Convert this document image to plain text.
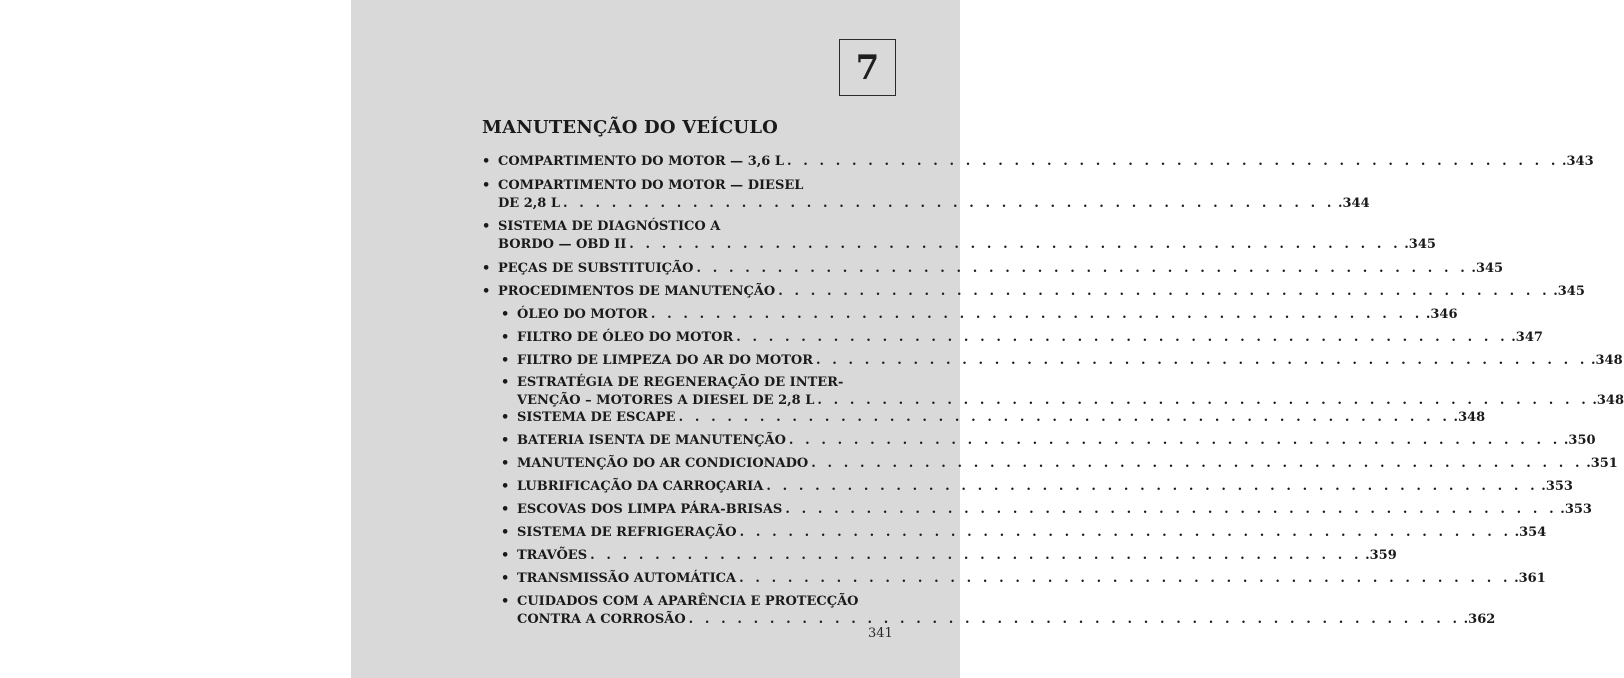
7
MANUTENÇÃO DO VEÍCULO
• COMPARTIMENTO DO MOTOR — 3,6 L . . . . . . . . . . . . . . . . . . . . . . . . . . . . . . . . . . . . . . . . . . . . . . . . .343
• COMPARTIMENTO DO MOTOR — DIESEL
DE 2,8 L . . . . . . . . . . . . . . . . . . . . . . . . . . . . . . . . . . . . . . . . . . . . . . . . .344
• SISTEMA DE DIAGNÓSTICO A
BORDO — OBD II . . . . . . . . . . . . . . . . . . . . . . . . . . . . . . . . . . . . . . . . . . . . . . . . .345
• PEÇAS DE SUBSTITUIÇÃO . . . . . . . . . . . . . . . . . . . . . . . . . . . . . . . . . . . . . . . . . . . . . . . . .345
• PROCEDIMENTOS DE MANUTENÇÃO . . . . . . . . . . . . . . . . . . . . . . . . . . . . . . . . . . . . . . . . . . . . . . . . .345
• ÓLEO DO MOTOR . . . . . . . . . . . . . . . . . . . . . . . . . . . . . . . . . . . . . . . . . . . . . . . . .346
• FILTRO DE ÓLEO DO MOTOR . . . . . . . . . . . . . . . . . . . . . . . . . . . . . . . . . . . . . . . . . . . . . . . . .347
• FILTRO DE LIMPEZA DO AR DO MOTOR . . . . . . . . . . . . . . . . . . . . . . . . . . . . . . . . . . . . . . . . . . . . . . . . .348
• ESTRATÉGIA DE REGENERAÇÃO DE INTER-
VENÇÃO – MOTORES A DIESEL DE 2,8 L . . . . . . . . . . . . . . . . . . . . . . . . . . . . . . . . . . . . . . . . . . . . . . . . .348
• SISTEMA DE ESCAPE . . . . . . . . . . . . . . . . . . . . . . . . . . . . . . . . . . . . . . . . . . . . . . . . .348
• BATERIA ISENTA DE MANUTENÇÃO . . . . . . . . . . . . . . . . . . . . . . . . . . . . . . . . . . . . . . . . . . . . . . . . .350
• MANUTENÇÃO DO AR CONDICIONADO . . . . . . . . . . . . . . . . . . . . . . . . . . . . . . . . . . . . . . . . . . . . . . . . .351
• LUBRIFICAÇÃO DA CARROÇARIA . . . . . . . . . . . . . . . . . . . . . . . . . . . . . . . . . . . . . . . . . . . . . . . . .353
• ESCOVAS DOS LIMPA PÁRA-BRISAS . . . . . . . . . . . . . . . . . . . . . . . . . . . . . . . . . . . . . . . . . . . . . . . . .353
• SISTEMA DE REFRIGERAÇÃO . . . . . . . . . . . . . . . . . . . . . . . . . . . . . . . . . . . . . . . . . . . . . . . . .354
• TRAVÕES . . . . . . . . . . . . . . . . . . . . . . . . . . . . . . . . . . . . . . . . . . . . . . . . .359
• TRANSMISSÃO AUTOMÁTICA . . . . . . . . . . . . . . . . . . . . . . . . . . . . . . . . . . . . . . . . . . . . . . . . .361
• CUIDADOS COM A APARÊNCIA E PROTECÇÃO
CONTRA A CORROSÃO . . . . . . . . . . . . . . . . . . . . . . . . . . . . . . . . . . . . . . . . . . . . . . . . .362
341
